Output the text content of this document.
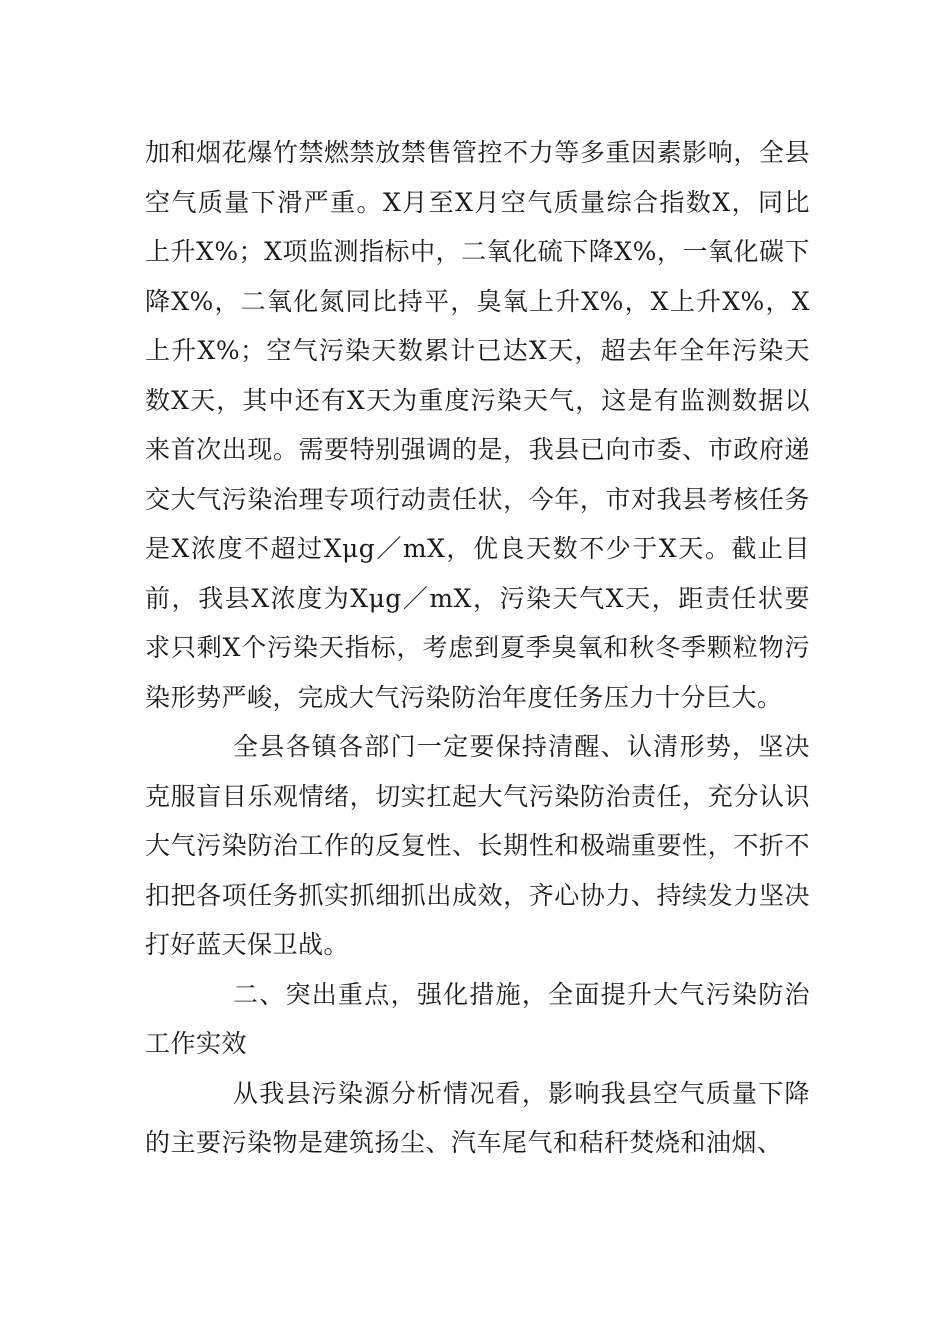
加和烟花爆竹禁燃禁放禁售管控不力等多重因素影响，全县空气质量下滑严重。X月至X月空气质量综合指数X，同比上升X%；X项监测指标中，二氧化硫下降X%，一氧化碳下降X%，二氧化氮同比持平，臭氧上升X%，X上升X%，X上升X%；空气污染天数累计已达X天，超去年全年污染天数X天，其中还有X天为重度污染天气，这是有监测数据以来首次出现。需要特别强调的是，我县已向市委、市政府递交大气污染治理专项行动责任状，今年，市对我县考核任务是X浓度不超过Xμg／mX，优良天数不少于X天。截止目前，我县X浓度为Xμg／mX，污染天气X天，距责任状要求只剩X个污染天指标，考虑到夏季臭氧和秋冬季颗粒物污染形势严峻，完成大气污染防治年度任务压力十分巨大。

全县各镇各部门一定要保持清醒、认清形势，坚决克服盲目乐观情绪，切实扛起大气污染防治责任，充分认识大气污染防治工作的反复性、长期性和极端重要性，不折不扣把各项任务抓实抓细抓出成效，齐心协力、持续发力坚决打好蓝天保卫战。

二、突出重点，强化措施，全面提升大气污染防治工作实效

从我县污染源分析情况看，影响我县空气质量下降的主要污染物是建筑扬尘、汽车尾气和秸秆焚烧和油烟、
